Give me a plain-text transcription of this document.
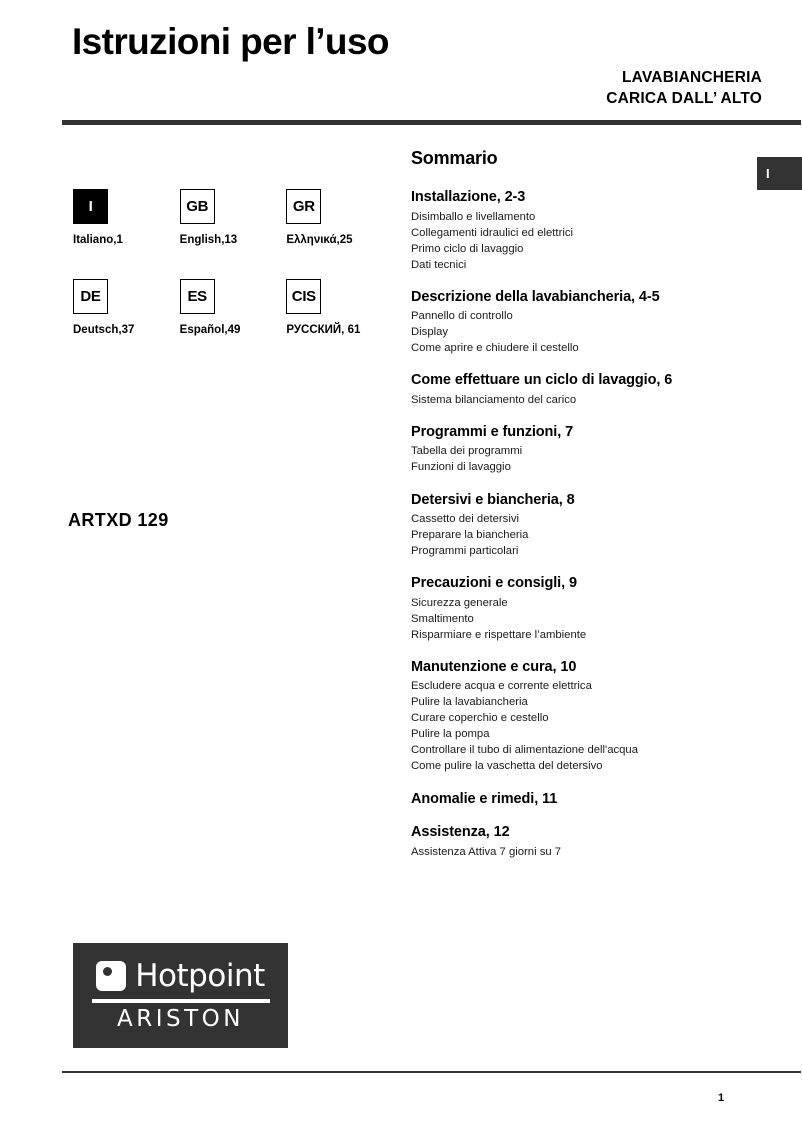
Istruzioni per l’uso
LAVABIANCHERIA
CARICA DALL’ ALTO
I
I
Italiano,1
GB
English,13
GR
Ελληνικά,25
DE
Deutsch,37
ES
Español,49
CIS
РУССКИЙ, 61
ARTXD 129
Sommario
Installazione, 2-3
Disimballo e livellamento
Collegamenti idraulici ed elettrici
Primo ciclo di lavaggio
Dati tecnici
Descrizione della lavabiancheria, 4-5
Pannello di controllo
Display
Come aprire e chiudere il cestello
Come effettuare un ciclo di lavaggio, 6
Sistema bilanciamento del carico
Programmi e funzioni, 7
Tabella dei programmi
Funzioni di lavaggio
Detersivi e biancheria, 8
Cassetto dei detersivi
Preparare la biancheria
Programmi particolari
Precauzioni e consigli, 9
Sicurezza generale
Smaltimento
Risparmiare e rispettare l’ambiente
Manutenzione e cura, 10
Escludere acqua e corrente elettrica
Pulire la lavabiancheria
Curare coperchio e cestello
Pulire la pompa
Controllare il tubo di alimentazione dell'acqua
Come pulire la vaschetta del detersivo
Anomalie e rimedi, 11
Assistenza, 12
Assistenza Attiva 7 giorni su 7
Hotpoint
ARISTON
1
